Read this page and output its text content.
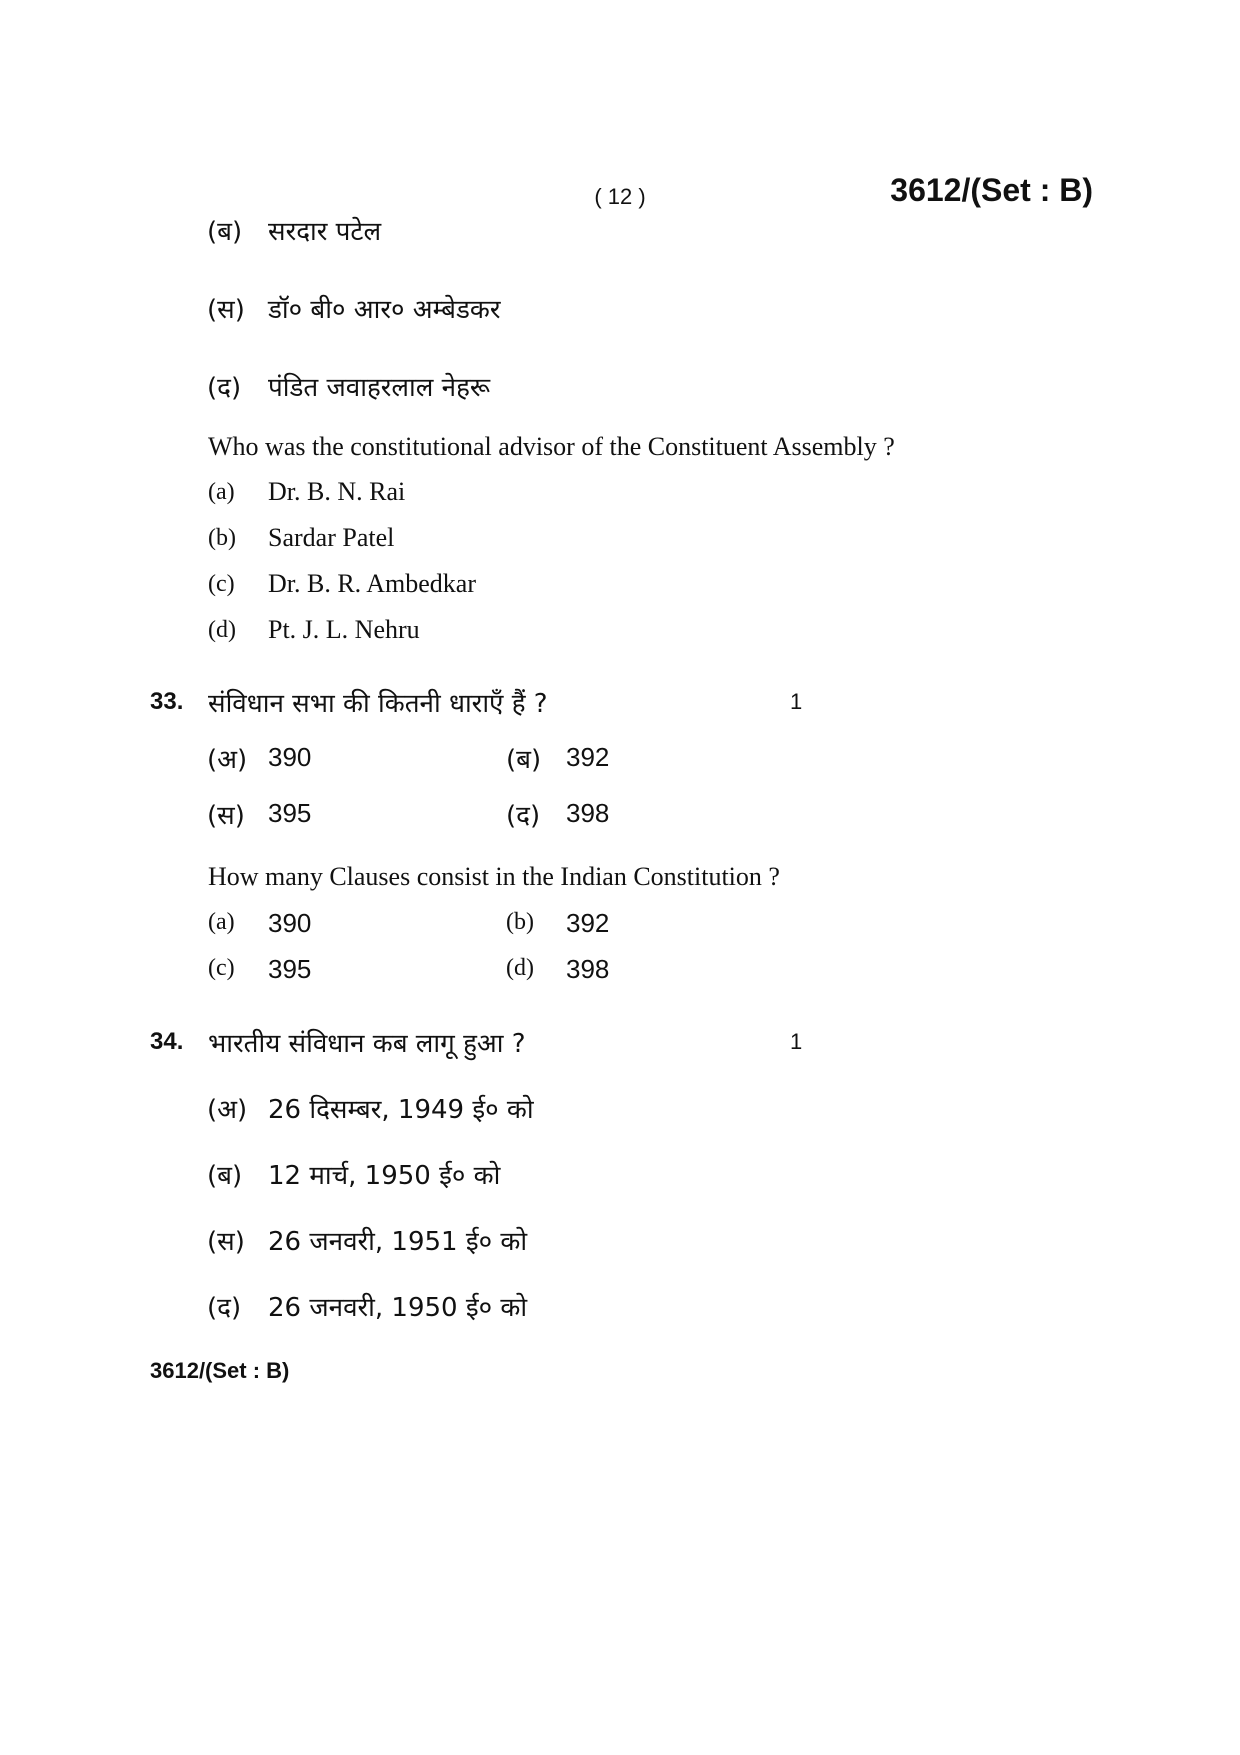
( 12 )	3612/(Set : B)
(ब) सरदार पटेल
(स) डॉ० बी० आर० अम्बेडकर
(द) पंडित जवाहरलाल नेहरू
Who was the constitutional advisor of the Constituent Assembly ?
(a) Dr. B. N. Rai
(b) Sardar Patel
(c) Dr. B. R. Ambedkar
(d) Pt. J. L. Nehru
33. संविधान सभा की कितनी धाराएँ हैं ?	1
(अ) 390	(ब) 392
(स) 395	(द) 398
How many Clauses consist in the Indian Constitution ?
(a) 390	(b) 392
(c) 395	(d) 398
34. भारतीय संविधान कब लागू हुआ ?	1
(अ) 26 दिसम्बर, 1949 ई० को
(ब) 12 मार्च, 1950 ई० को
(स) 26 जनवरी, 1951 ई० को
(द) 26 जनवरी, 1950 ई० को
3612/(Set : B)
